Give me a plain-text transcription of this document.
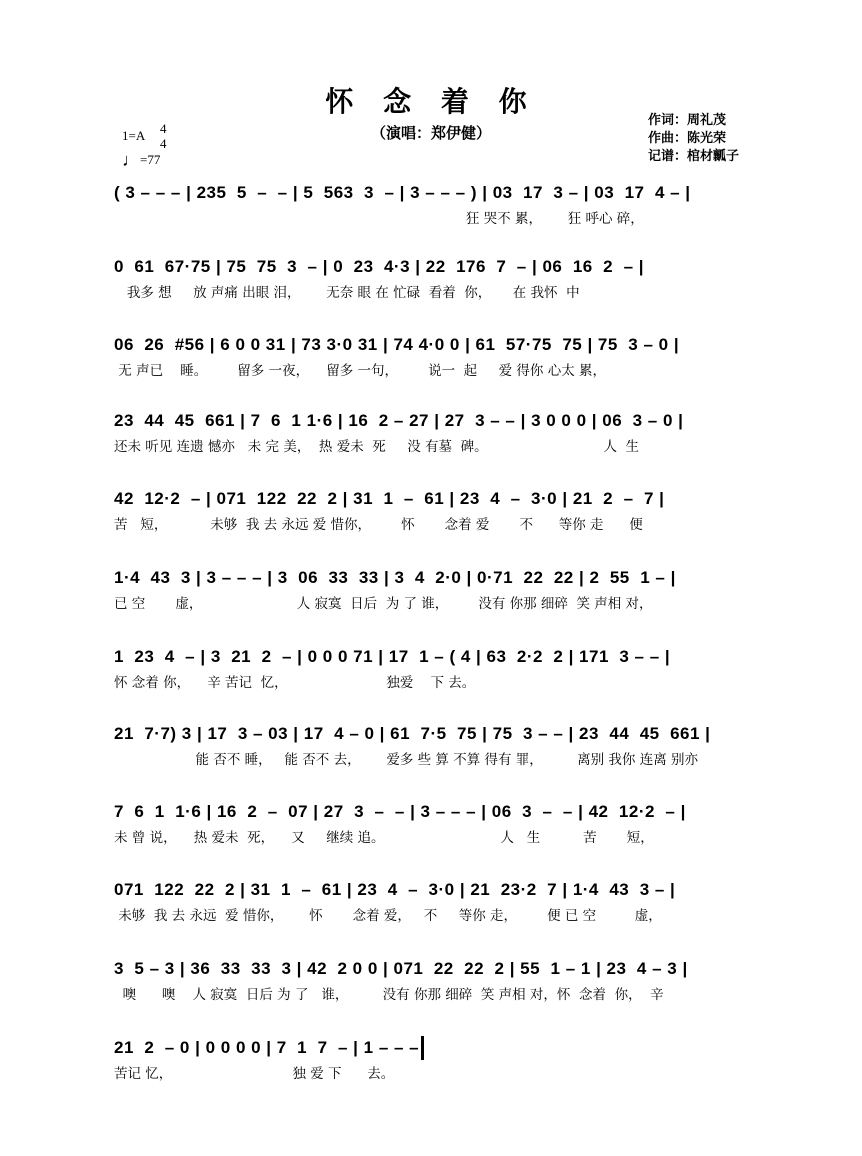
怀 念 着 你
（演唱：郑伊健）
作词：周礼茂
作曲：陈光荣
记谱：棺材瓤子
1=A 4
4
♩=77
( 3 – – – | 235  5  –  – | 5  563  3  – | 3 – – – ) | 03  17  3 – | 03  17  4 – |
狂 哭不 累，      狂 呼心 碎，
0  61  67·75 | 75  75  3  – | 0  23  4·3 | 22  176  7  – | 06  16  2  – |
我多 想     放 声痛 出眼 泪，      无奈 眼 在 忙碌  看着  你，     在 我怀  中
06  26  #56 | 6 0 0 31 | 73 3·0 31 | 74 4·0 0 | 61  57·75  75 | 75  3 – 0 |
无 声已    睡。       留多 一夜，    留多 一句，       说一  起     爱 得你 心太 累，
23  44  45  661 | 7  6  1 1·6 | 16  2 – 27 | 27  3 – – | 3 0 0 0 | 06  3 – 0 |
还未 听见 连遗 憾亦   未 完 美，  热 爱未  死     没 有墓  碑。                           人  生
42  12·2  – | 071  122  22  2 | 31  1  –  61 | 23  4  –  3·0 | 21  2  –  7 |
苦   短，          未够  我 去 永远 爱 惜你，       怀       念着 爱       不      等你 走      便
1·4  43  3 | 3 – – – | 3  06  33  33 | 3  4  2·0 | 0·71  22  22 | 2  55  1 – |
已 空       虚，                      人 寂寞  日后  为 了 谁，       没有 你那 细碎  笑 声相 对，
1  23  4  – | 3  21  2  – | 0 0 0 71 | 17  1 – ( 4 | 63  2·2  2 | 171  3 – – |
怀 念着 你，    辛 苦记  忆，                       独爱    下 去。
21  7·7) 3 | 17  3 – 03 | 17  4 – 0 | 61  7·5  75 | 75  3 – – | 23  44  45  661 |
能 否不 睡，   能 否不 去，      爱多 些 算 不算 得有 罪，        离别 我你 连离 别亦
7  6  1  1·6 | 16  2  –  07 | 27  3  –  – | 3 – – – | 06  3  –  – | 42  12·2  – |
未 曾 说，    热 爱未  死，    又     继续 追。                           人   生          苦       短，
071  122  22  2 | 31  1  –  61 | 23  4  –  3·0 | 21  23·2  7 | 1·4  43  3 – |
未够  我 去 永远  爱 惜你，      怀       念着 爱，   不     等你 走，       便 已 空         虚，
3  5 – 3 | 36  33  33  3 | 42  2 0 0 | 071  22  22  2 | 55  1 – 1 | 23  4 – 3 |
噢      噢    人 寂寞  日后 为 了   谁，        没有 你那 细碎  笑 声相 对，怀  念着  你，  辛
21  2  – 0 | 0 0 0 0 | 7  1  7  – | 1 – – –
苦记 忆，                            独 爱 下      去。
